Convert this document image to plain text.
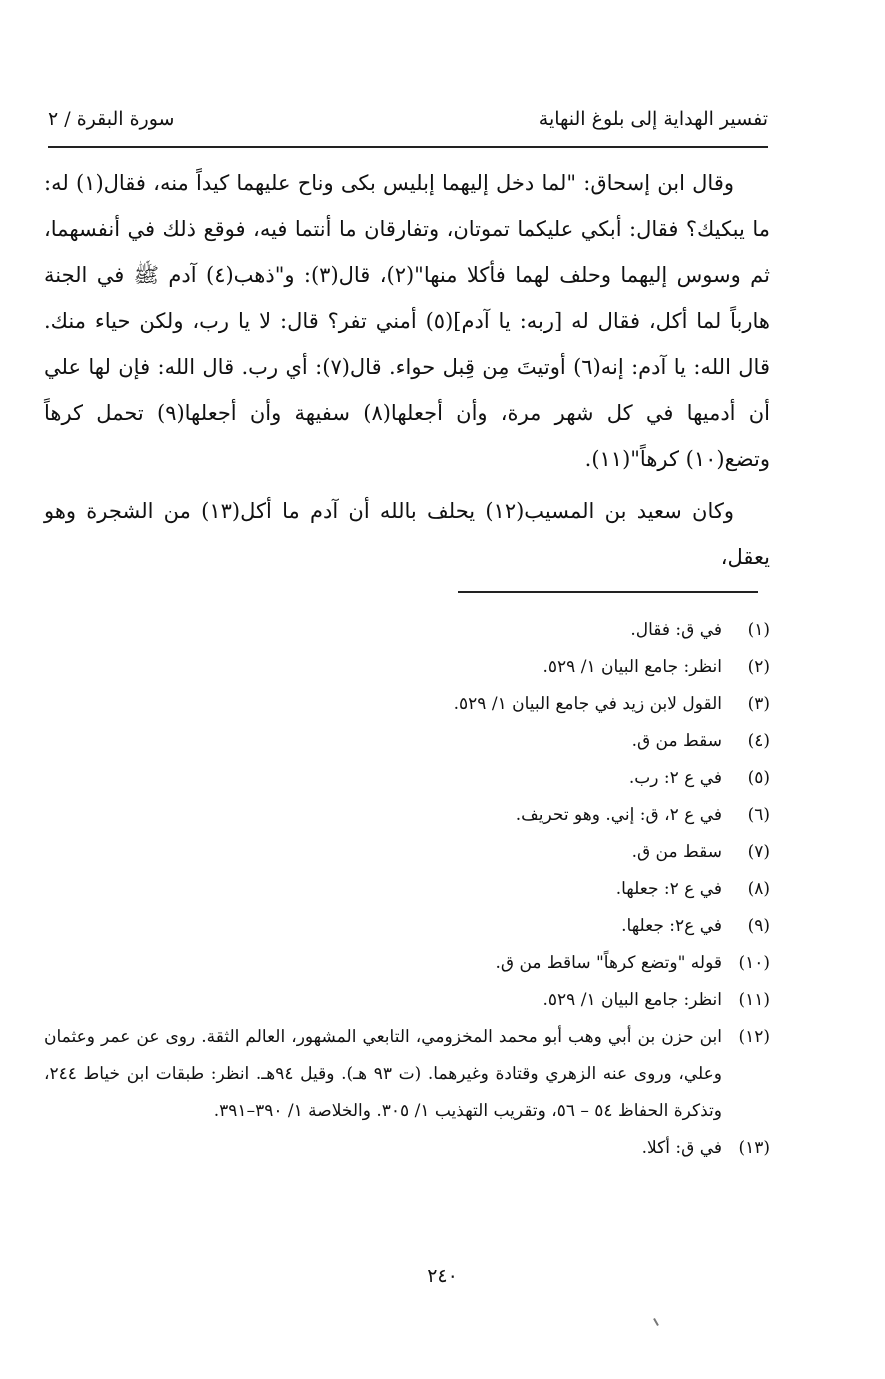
تفسير الهداية إلى بلوغ النهاية
سورة البقرة / ٢

وقال ابن إسحاق: "لما دخل إليهما إبليس بكى وناح عليهما كيداً منه، فقال(١) له: ما يبكيك؟ فقال: أبكي عليكما تموتان، وتفارقان ما أنتما فيه، فوقع ذلك في أنفسهما، ثم وسوس إليهما وحلف لهما فأكلا منها"(٢)، قال(٣): و"ذهب(٤) آدم ﷺ في الجنة هارباً لما أكل، فقال له [ربه: يا آدم](٥) أمني تفر؟ قال: لا يا رب، ولكن حياء منك. قال الله: يا آدم: إنه(٦) أوتيتَ مِن قِبل حواء. قال(٧): أي رب. قال الله: فإن لها علي أن أدميها في كل شهر مرة، وأن أجعلها(٨) سفيهة وأن أجعلها(٩) تحمل كرهاً وتضع(١٠) كرهاً"(١١).

وكان سعيد بن المسيب(١٢) يحلف بالله أن آدم ما أكل(١٣) من الشجرة وهو يعقل،

(١)
في ق: فقال.
(٢)
انظر: جامع البيان ١/ ٥٢٩.
(٣)
القول لابن زيد في جامع البيان ١/ ٥٢٩.
(٤)
سقط من ق.
(٥)
في ع ٢: رب.
(٦)
في ع ٢، ق: إني. وهو تحريف.
(٧)
سقط من ق.
(٨)
في ع ٢: جعلها.
(٩)
في ع٢: جعلها.
(١٠)
قوله "وتضع كرهاً" ساقط من ق.
(١١)
انظر: جامع البيان ١/ ٥٢٩.
(١٢)
ابن حزن بن أبي وهب أبو محمد المخزومي، التابعي المشهور، العالم الثقة. روى عن عمر وعثمان وعلي، وروى عنه الزهري وقتادة وغيرهما. (ت ٩٣ هـ). وقيل ٩٤هـ. انظر: طبقات ابن خياط ٢٤٤، وتذكرة الحفاظ ٥٤ – ٥٦، وتقريب التهذيب ١/ ٣٠٥. والخلاصة ١/ ٣٩٠–٣٩١.
(١٣)
في ق: أكلا.
٢٤٠
